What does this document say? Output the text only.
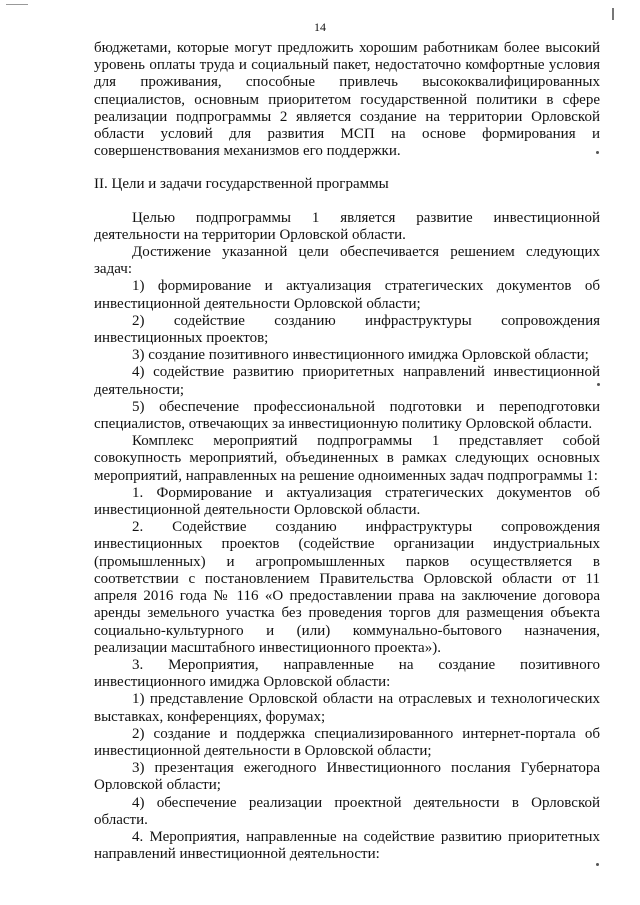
14

бюджетами, которые могут предложить хорошим работникам более высокий уровень оплаты труда и социальный пакет, недостаточно комфортные условия для проживания, способные привлечь высококвалифицированных специалистов, основным приоритетом государственной политики в сфере реализации подпрограммы 2 является создание на территории Орловской области условий для развития МСП на основе формирования и совершенствования механизмов его поддержки.

II. Цели и задачи государственной программы

Целью подпрограммы 1 является развитие инвестиционной деятельности на территории Орловской области.

Достижение указанной цели обеспечивается решением следующих задач:

1) формирование и актуализация стратегических документов об инвестиционной деятельности Орловской области;

2) содействие созданию инфраструктуры сопровождения инвестиционных проектов;

3) создание позитивного инвестиционного имиджа Орловской области;

4) содействие развитию приоритетных направлений инвестиционной деятельности;

5) обеспечение профессиональной подготовки и переподготовки специалистов, отвечающих за инвестиционную политику Орловской области.

Комплекс мероприятий подпрограммы 1 представляет собой совокупность мероприятий, объединенных в рамках следующих основных мероприятий, направленных на решение одноименных задач подпрограммы 1:

1. Формирование и актуализация стратегических документов об инвестиционной деятельности Орловской области.

2. Содействие созданию инфраструктуры сопровождения инвестиционных проектов (содействие организации индустриальных (промышленных) и агропромышленных парков осуществляется в соответствии с постановлением Правительства Орловской области от 11 апреля 2016 года № 116 «О предоставлении права на заключение договора аренды земельного участка без проведения торгов для размещения объекта социально-культурного и (или) коммунально-бытового назначения, реализации масштабного инвестиционного проекта»).

3. Мероприятия, направленные на создание позитивного инвестиционного имиджа Орловской области:

1) представление Орловской области на отраслевых и технологических выставках, конференциях, форумах;

2) создание и поддержка специализированного интернет-портала об инвестиционной деятельности в Орловской области;

3) презентация ежегодного Инвестиционного послания Губернатора Орловской области;

4) обеспечение реализации проектной деятельности в Орловской области.

4. Мероприятия, направленные на содействие развитию приоритетных направлений инвестиционной деятельности:
